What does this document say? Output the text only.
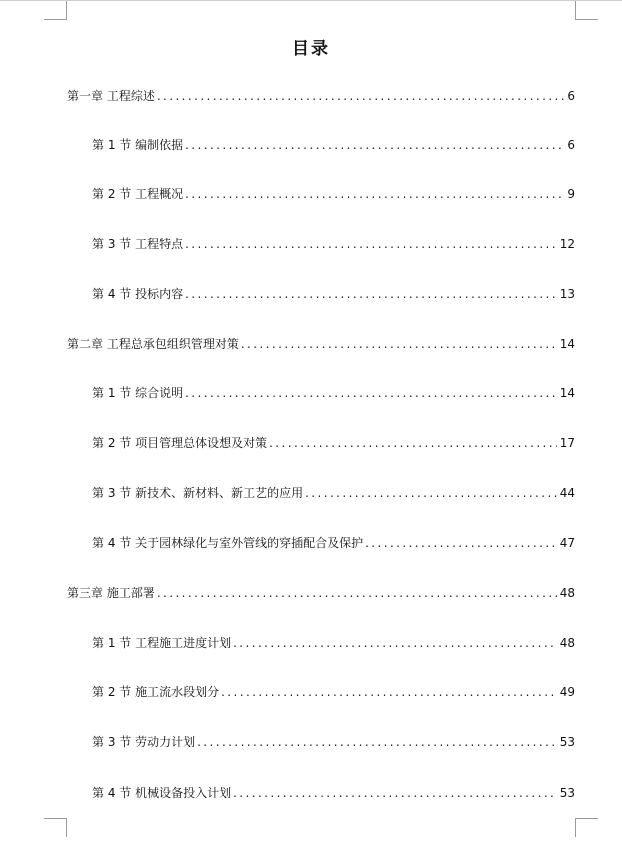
目录
第一章 工程综述 .....	6
第 1 节 编制依据 .....	6
第 2 节 工程概况 .....	9
第 3 节 工程特点 .....	12
第 4 节 投标内容 .....	13
第二章 工程总承包组织管理对策 .....	14
第 1 节 综合说明 .....	14
第 2 节 项目管理总体设想及对策 .....	17
第 3 节 新技术、新材料、新工艺的应用 .....	44
第 4 节 关于园林绿化与室外管线的穿插配合及保护 .....	47
第三章 施工部署 .....	48
第 1 节 工程施工进度计划 .....	48
第 2 节 施工流水段划分 .....	49
第 3 节 劳动力计划 .....	53
第 4 节 机械设备投入计划 .....	53
